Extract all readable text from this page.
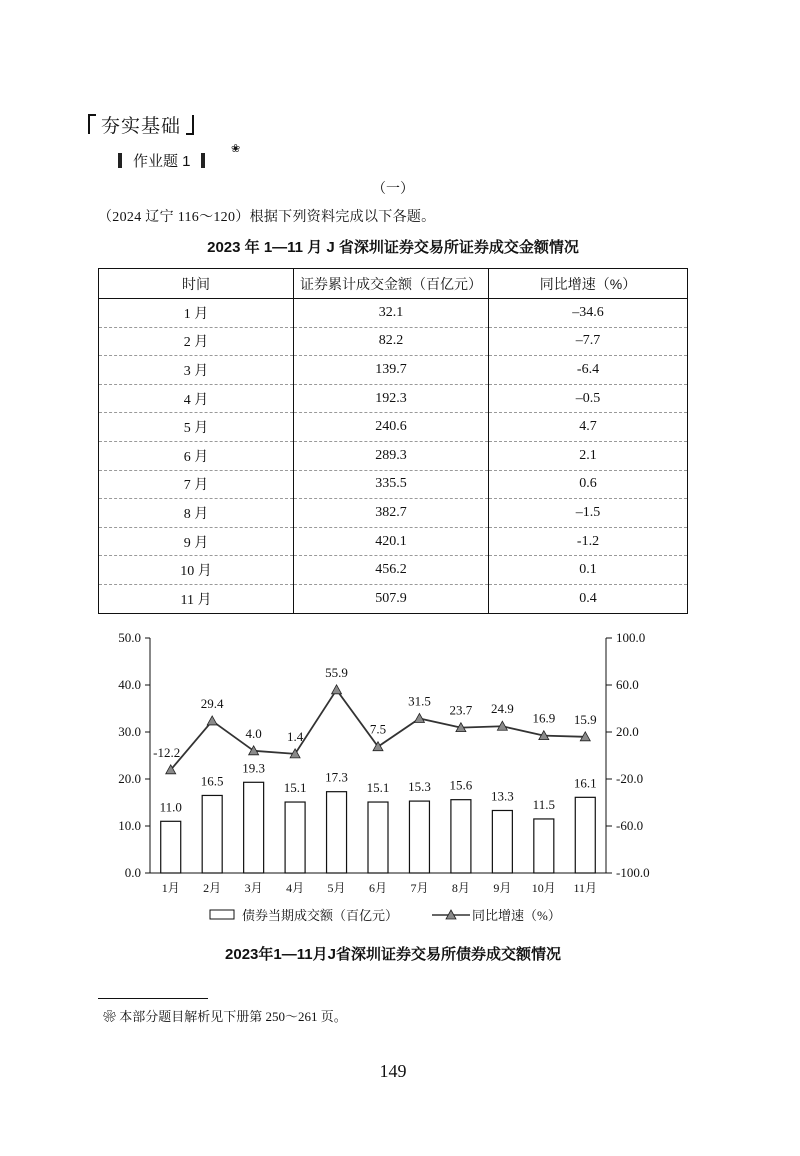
夯实基础
作业题 1
❀
（一）
（2024 辽宁 116～120）根据下列资料完成以下各题。
2023 年 1—11 月 J 省深圳证券交易所证券成交金额情况
时间	证券累计成交金额（百亿元）	同比增速（%）
1 月	32.1	–34.6
2 月	82.2	–7.7
3 月	139.7	-6.4
4 月	192.3	–0.5
5 月	240.6	4.7
6 月	289.3	2.1
7 月	335.5	0.6
8 月	382.7	–1.5
9 月	420.1	-1.2
10 月	456.2	0.1
11 月	507.9	0.4
债券当期成交额（百亿元）	同比增速（%）
50.0
40.0
30.0
20.0
10.0
0.0
100.0
60.0
20.0
-20.0
-60.0
-100.0
11.0
16.5
19.3
15.1
17.3
15.1 15.3 15.6
13.3
11.5
16.1
-12.2
29.4
4.0 1.4
55.9
7.5
31.5
23.7 24.9
16.9 15.9
1月 2月 3月 4月 5月 6月 7月 8月 9月 10月 11月
2023年1—11月J省深圳证券交易所债券成交额情况
❀ 本部分题目解析见下册第 250～261 页。
149
